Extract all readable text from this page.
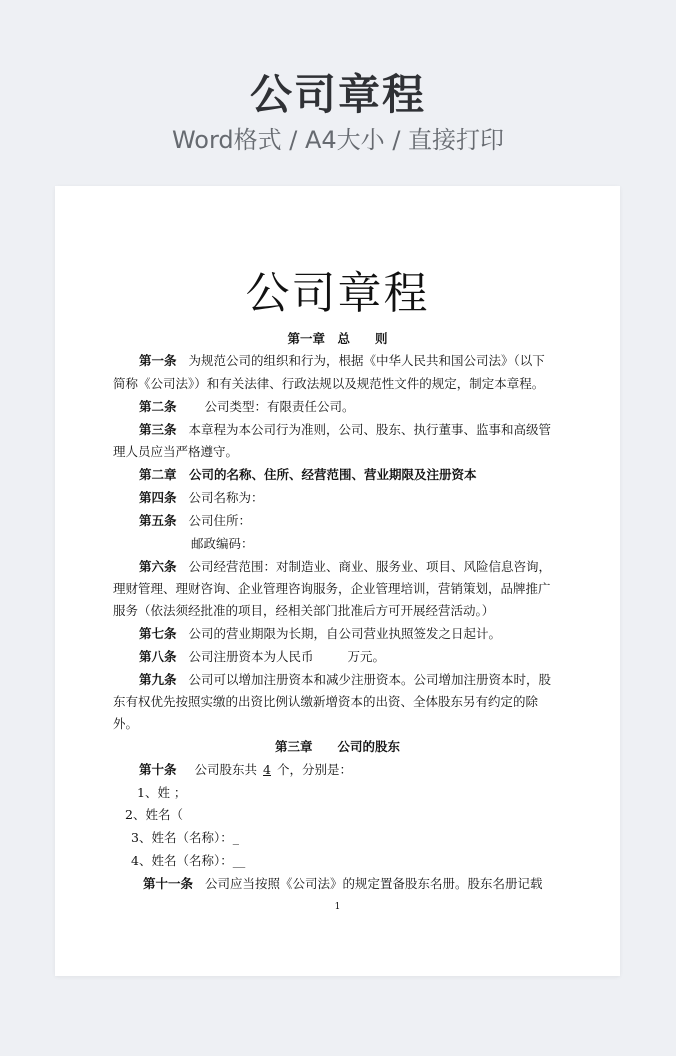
公司章程
Word格式 / A4大小 / 直接打印
公司章程
第一章　总　　则
第一条 为规范公司的组织和行为，根据《中华人民共和国公司法》（以下
简称《公司法》）和有关法律、行政法规以及规范性文件的规定，制定本章程。
第二条 公司类型：有限责任公司。
第三条 本章程为本公司行为准则，公司、股东、执行董事、监事和高级管
理人员应当严格遵守。
第二章　公司的名称、住所、经营范围、营业期限及注册资本
第四条 公司名称为：
第五条 公司住所：
邮政编码：
第六条 公司经营范围：对制造业、商业、服务业、项目、风险信息咨询，
理财管理、理财咨询、企业管理咨询服务，企业管理培训，营销策划，品牌推广
服务（依法须经批准的项目，经相关部门批准后方可开展经营活动。）
第七条 公司的营业期限为长期，自公司营业执照签发之日起计。
第八条 公司注册资本为人民币	万元。
第九条 公司可以增加注册资本和减少注册资本。公司增加注册资本时，股
东有权优先按照实缴的出资比例认缴新增资本的出资、全体股东另有约定的除
外。
第三章　　公司的股东
第十条 公司股东共 4 个，分别是：
1、姓 ；
2、姓名（
3、姓名（名称）：_
4、姓名（名称）：__
第十一条 公司应当按照《公司法》的规定置备股东名册。股东名册记载
1
